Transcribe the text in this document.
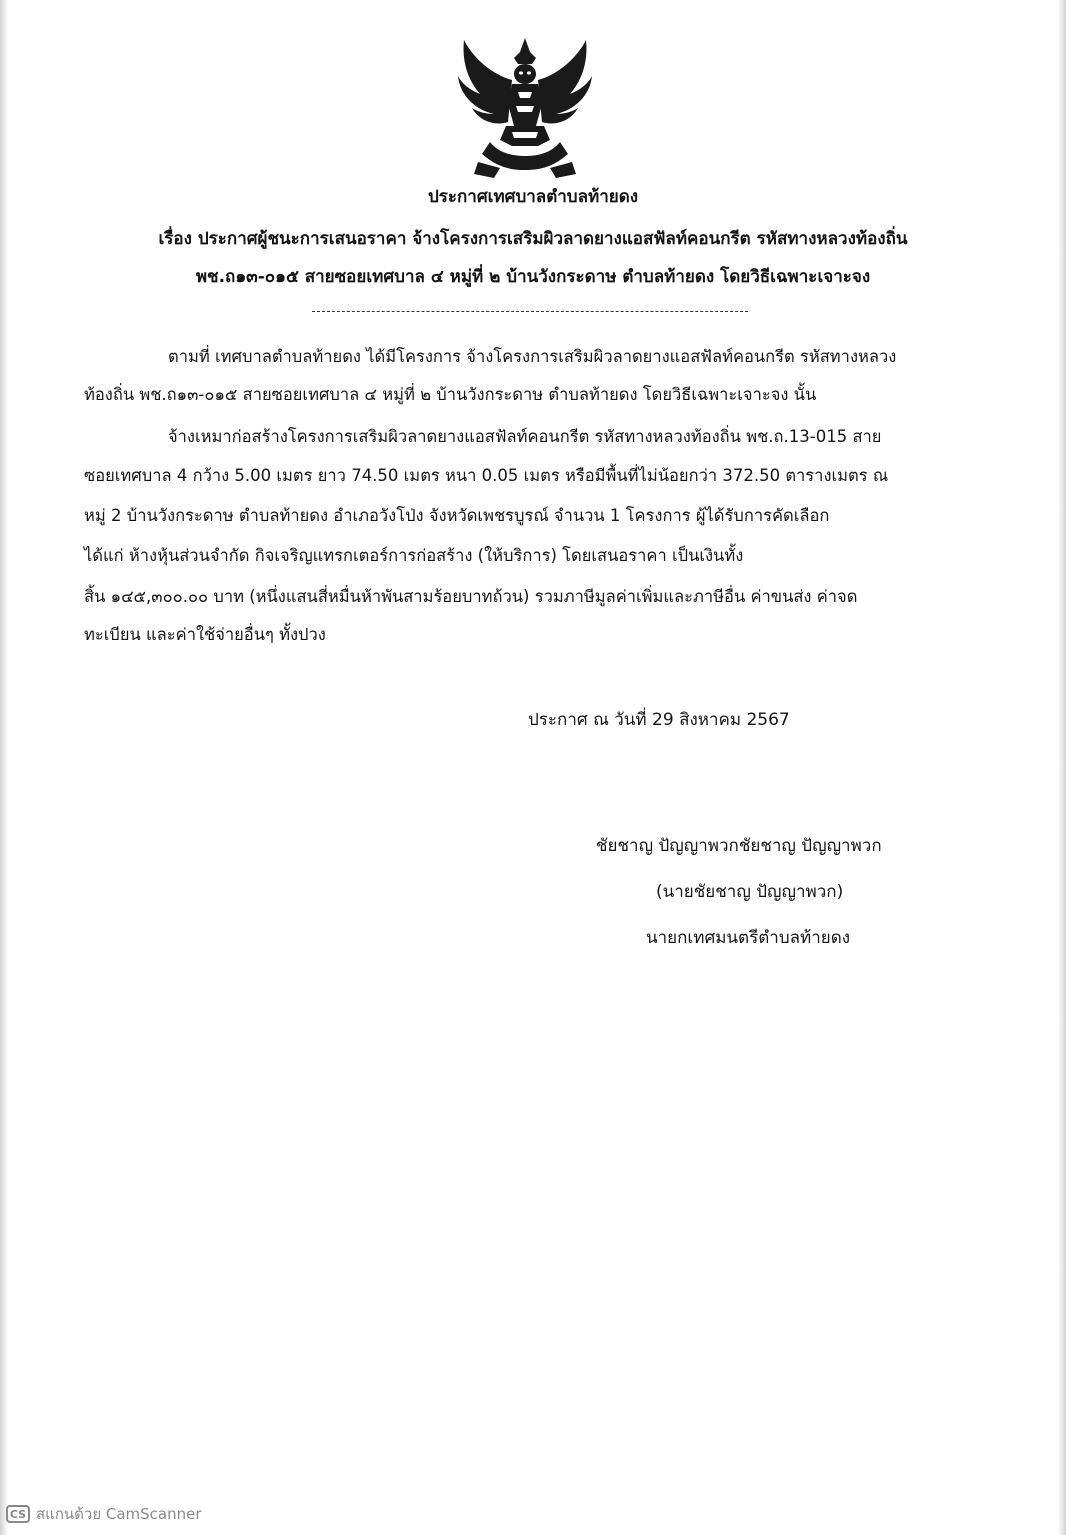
ประกาศเทศบาลตำบลท้ายดง
เรื่อง ประกาศผู้ชนะการเสนอราคา จ้างโครงการเสริมผิวลาดยางแอสฟัลท์คอนกรีต รหัสทางหลวงท้องถิ่น
พช.ถ๑๓-๐๑๕ สายซอยเทศบาล ๔ หมู่ที่ ๒ บ้านวังกระดาษ ตำบลท้ายดง โดยวิธีเฉพาะเจาะจง
ตามที่ เทศบาลตำบลท้ายดง ได้มีโครงการ จ้างโครงการเสริมผิวลาดยางแอสฟัลท์คอนกรีต รหัสทางหลวง
ท้องถิ่น พช.ถ๑๓-๐๑๕ สายซอยเทศบาล ๔ หมู่ที่ ๒ บ้านวังกระดาษ ตำบลท้ายดง โดยวิธีเฉพาะเจาะจง นั้น
จ้างเหมาก่อสร้างโครงการเสริมผิวลาดยางแอสฟัลท์คอนกรีต รหัสทางหลวงท้องถิ่น พช.ถ.13-015 สาย
ซอยเทศบาล 4 กว้าง 5.00 เมตร ยาว 74.50 เมตร หนา 0.05 เมตร หรือมีพื้นที่ไม่น้อยกว่า 372.50 ตารางเมตร ณ
หมู่ 2 บ้านวังกระดาษ ตำบลท้ายดง อำเภอวังโป่ง จังหวัดเพชรบูรณ์ จำนวน 1 โครงการ ผู้ได้รับการคัดเลือก
ได้แก่ ห้างหุ้นส่วนจำกัด กิจเจริญแทรกเตอร์การก่อสร้าง (ให้บริการ) โดยเสนอราคา เป็นเงินทั้ง
สิ้น ๑๔๕,๓๐๐.๐๐ บาท (หนึ่งแสนสี่หมื่นห้าพันสามร้อยบาทถ้วน) รวมภาษีมูลค่าเพิ่มและภาษีอื่น ค่าขนส่ง ค่าจด
ทะเบียน และค่าใช้จ่ายอื่นๆ ทั้งปวง
ประกาศ ณ วันที่ 29 สิงหาคม 2567
ชัยชาญ ปัญญาพวกชัยชาญ ปัญญาพวก
(นายชัยชาญ ปัญญาพวก)
นายกเทศมนตรีตำบลท้ายดง
CS สแกนด้วย CamScanner
